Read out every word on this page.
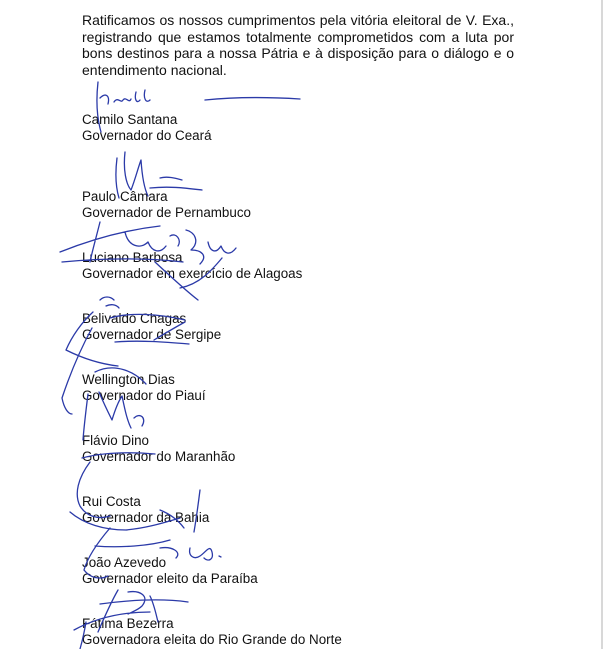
Ratificamos os nossos cumprimentos pela vitória eleitoral de V. Exa., registrando que estamos totalmente comprometidos com a luta por bons destinos para a nossa Pátria e à disposição para o diálogo e o entendimento nacional.

Camilo Santana
Governador do Ceará
Paulo Câmara
Governador de Pernambuco
Luciano Barbosa
Governador em exercício de Alagoas
Belivaldo Chagas
Governador de Sergipe
Wellington Dias
Governador do Piauí
Flávio Dino
Governador do Maranhão
Rui Costa
Governador da Bahia
João Azevedo
Governador eleito da Paraíba
Fátima Bezerra
Governadora eleita do Rio Grande do Norte
